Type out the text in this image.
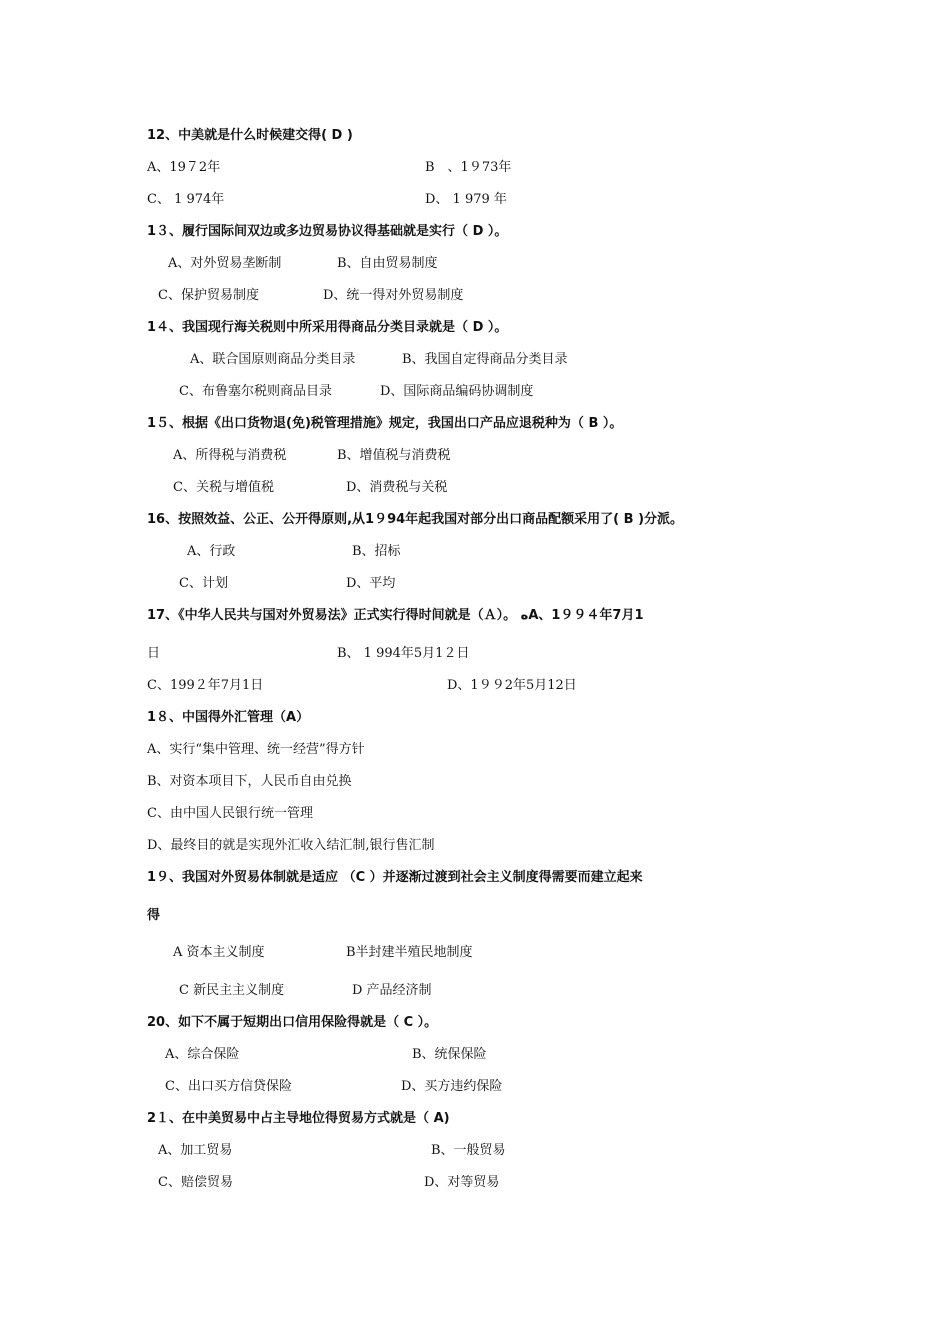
12、中美就是什么时候建交得( D )
A、19７2年	B　、1９73年
C、 1 974年	D、 1 979 年
1３、履行国际间双边或多边贸易协议得基础就是实行（ D ）。
A、对外贸易垄断制	B、自由贸易制度
C、保护贸易制度	D、统一得对外贸易制度
1４、我国现行海关税则中所采用得商品分类目录就是（ D ）。
A、联合国原则商品分类目录	B、我国自定得商品分类目录
C、布鲁塞尔税则商品目录	D、国际商品编码协调制度
1５、根据《出口货物退(免)税管理措施》规定，我国出口产品应退税种为（ B ）。
A、所得税与消费税	B、增值税与消费税
C、关税与增值税	D、消费税与关税
16、按照效益、公正、公开得原则,从1９94年起我国对部分出口商品配额采用了( B )分派。
A、行政	B、招标
C、计划	D、平均
17、《中华人民共与国对外贸易法》正式实行得时间就是（Ａ）。 ﻩA、1９９４年7月1
日	B、 1 994年5月1２日
C、199２年7月1日	D、1９９2年5月12日
1８、中国得外汇管理（A）
A、实行“集中管理、统一经营”得方针
B、对资本项目下，人民币自由兑换
C、由中国人民银行统一管理
D、最终目的就是实现外汇收入结汇制,银行售汇制
1９、我国对外贸易体制就是适应 （C ）并逐渐过渡到社会主义制度得需要而建立起来
得
A 资本主义制度	B半封建半殖民地制度
C 新民主主义制度	D 产品经济制
20、如下不属于短期出口信用保险得就是（ C ）。
A、综合保险	B、统保保险
C、出口买方信贷保险	D、买方违约保险
2１、在中美贸易中占主导地位得贸易方式就是（ A)
A、加工贸易	B、一般贸易
C、赔偿贸易	D、对等贸易
